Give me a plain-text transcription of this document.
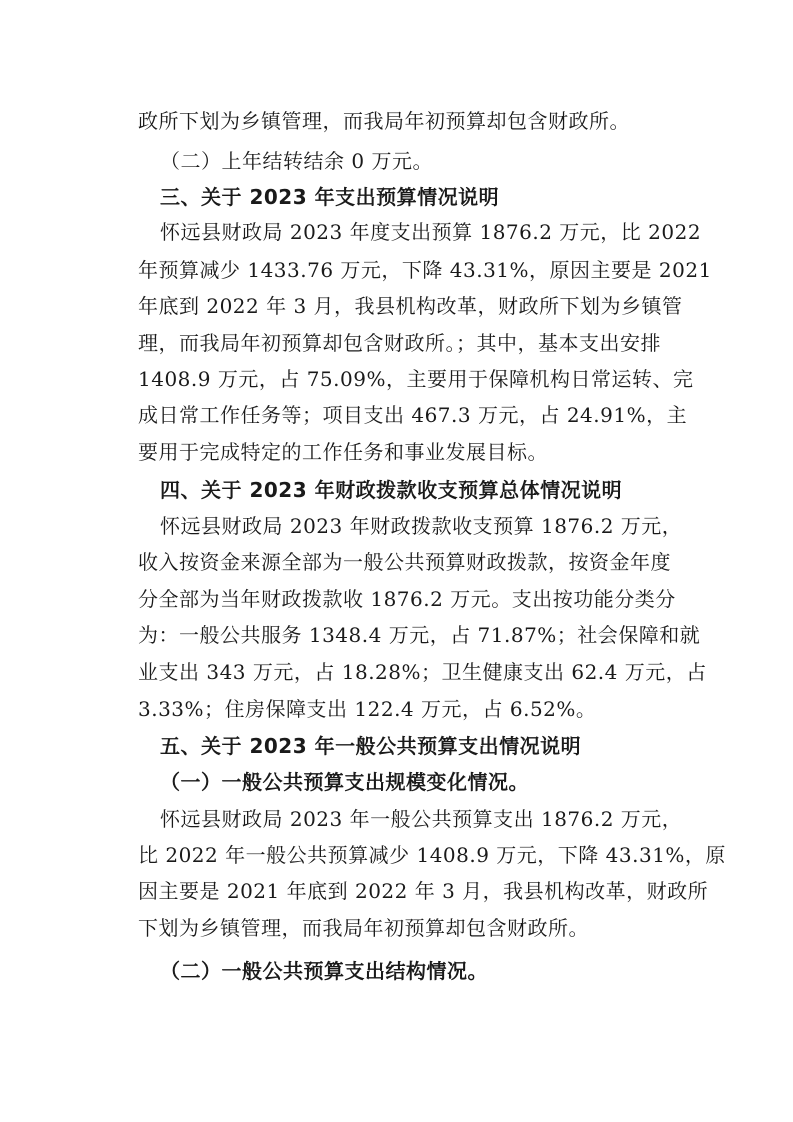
政所下划为乡镇管理，而我局年初预算却包含财政所。
（二）上年结转结余 0 万元。
三、关于 2023 年支出预算情况说明
怀远县财政局 2023 年度支出预算 1876.2 万元，比 2022
年预算减少 1433.76 万元，下降 43.31%，原因主要是 2021
年底到 2022 年 3 月，我县机构改革，财政所下划为乡镇管
理，而我局年初预算却包含财政所。；其中，基本支出安排
1408.9 万元，占 75.09%，主要用于保障机构日常运转、完
成日常工作任务等；项目支出 467.3 万元，占 24.91%，主
要用于完成特定的工作任务和事业发展目标。
四、关于 2023 年财政拨款收支预算总体情况说明
怀远县财政局 2023 年财政拨款收支预算 1876.2 万元，
收入按资金来源全部为一般公共预算财政拨款，按资金年度
分全部为当年财政拨款收 1876.2 万元。支出按功能分类分
为：一般公共服务 1348.4 万元，占 71.87%；社会保障和就
业支出 343 万元，占 18.28%；卫生健康支出 62.4 万元，占
3.33%；住房保障支出 122.4 万元，占 6.52%。
五、关于 2023 年一般公共预算支出情况说明
（一）一般公共预算支出规模变化情况。
怀远县财政局 2023 年一般公共预算支出 1876.2 万元，
比 2022 年一般公共预算减少 1408.9 万元，下降 43.31%，原
因主要是 2021 年底到 2022 年 3 月，我县机构改革，财政所
下划为乡镇管理，而我局年初预算却包含财政所。
（二）一般公共预算支出结构情况。
